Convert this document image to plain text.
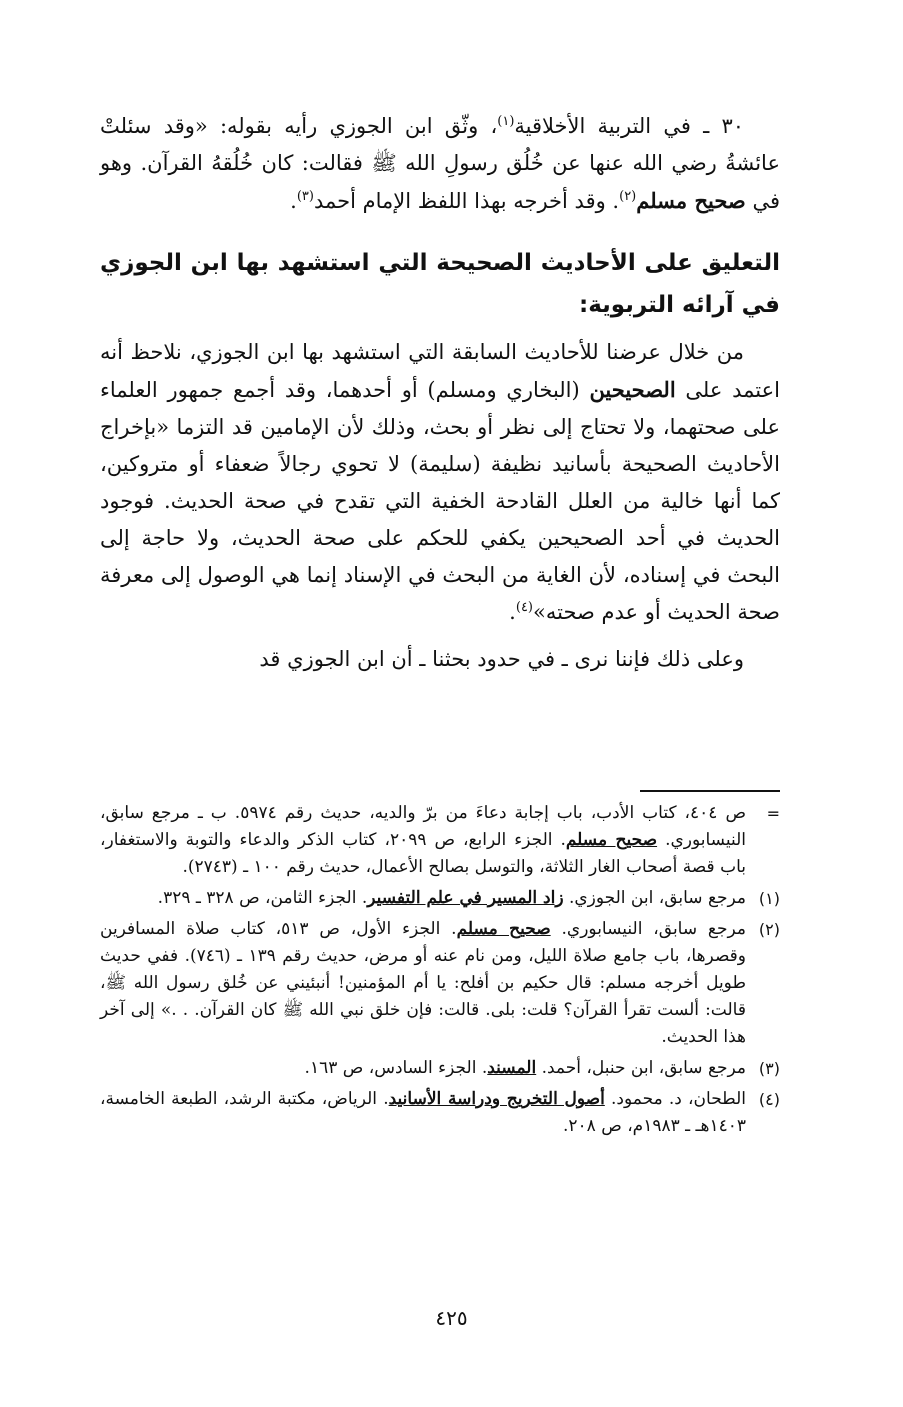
٣٠ ـ في التربية الأخلاقية$^{(١)}$، وثّق ابن الجوزي رأيه بقوله: «وقد سئلتْ عائشةُ رضي الله عنها عن خُلُق رسولِ الله ﷺ فقالت: كان خُلُقهُ القرآن. وهو في صحيح مسلم$^{(٢)}$. وقد أخرجه بهذا اللفظ الإمام أحمد$^{(٣)}$.

التعليق على الأحاديث الصحيحة التي استشهد بها ابن الجوزي في آرائه التربوية:

من خلال عرضنا للأحاديث السابقة التي استشهد بها ابن الجوزي، نلاحظ أنه اعتمد على الصحيحين (البخاري ومسلم) أو أحدهما، وقد أجمع جمهور العلماء على صحتهما، ولا تحتاج إلى نظر أو بحث، وذلك لأن الإمامين قد التزما «بإخراج الأحاديث الصحيحة بأسانيد نظيفة (سليمة) لا تحوي رجالاً ضعفاء أو متروكين، كما أنها خالية من العلل القادحة الخفية التي تقدح في صحة الحديث. فوجود الحديث في أحد الصحيحين يكفي للحكم على صحة الحديث، ولا حاجة إلى البحث في إسناده، لأن الغاية من البحث في الإسناد إنما هي الوصول إلى معرفة صحة الحديث أو عدم صحته»$^{(٤)}$.

وعلى ذلك فإننا نرى ـ في حدود بحثنا ـ أن ابن الجوزي قد

=
ص ٤٠٤، كتاب الأدب، باب إجابة دعاءَ من برّ والديه، حديث رقم ٥٩٧٤. ب ـ مرجع سابق، النيسابوري. صحيح مسلم. الجزء الرابع، ص ٢٠٩٩، كتاب الذكر والدعاء والتوبة والاستغفار، باب قصة أصحاب الغار الثلاثة، والتوسل بصالح الأعمال، حديث رقم ١٠٠ ـ (٢٧٤٣).
(١)
مرجع سابق، ابن الجوزي. زاد المسير في علم التفسير. الجزء الثامن، ص ٣٢٨ ـ ٣٢٩.
(٢)
مرجع سابق، النيسابوري. صحيح مسلم. الجزء الأول، ص ٥١٣، كتاب صلاة المسافرين وقصرها، باب جامع صلاة الليل، ومن نام عنه أو مرض، حديث رقم ١٣٩ ـ (٧٤٦). ففي حديث طويل أخرجه مسلم: قال حكيم بن أفلح: يا أم المؤمنين! أنبئيني عن خُلق رسول الله ﷺ، قالت: ألست تقرأ القرآن؟ قلت: بلى. قالت: فإن خلق نبي الله ﷺ كان القرآن. . .» إلى آخر هذا الحديث.
(٣)
مرجع سابق، ابن حنبل، أحمد. المسند. الجزء السادس، ص ١٦٣.
(٤)
الطحان، د. محمود. أصول التخريج ودراسة الأسانيد. الرياض، مكتبة الرشد، الطبعة الخامسة، ١٤٠٣هـ ـ ١٩٨٣م، ص ٢٠٨.
٤٢٥
